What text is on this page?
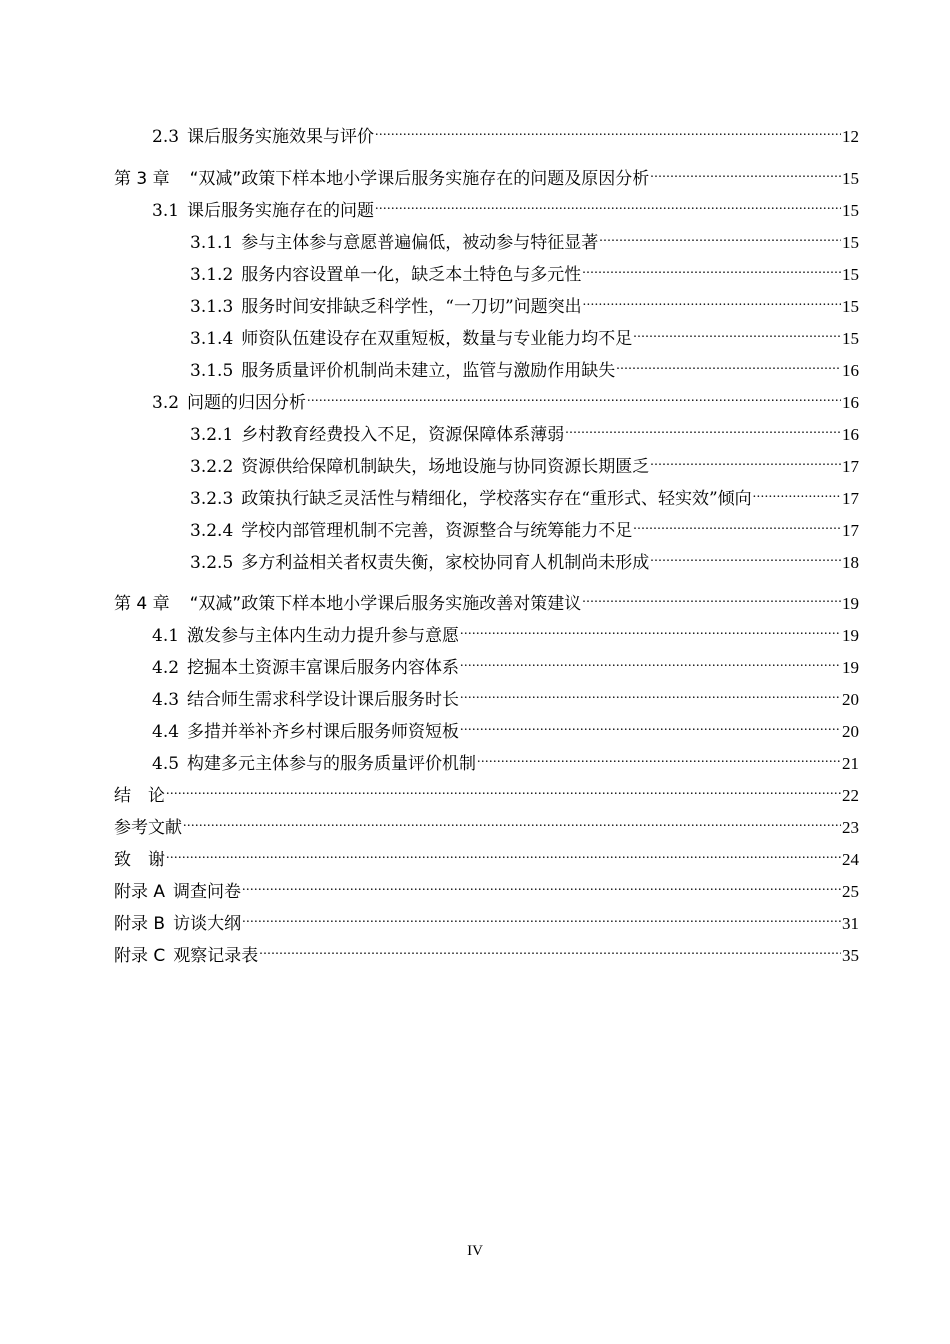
2.3 课后服务实施效果与评价 .....	12
第 3 章 “双减”政策下样本地小学课后服务实施存在的问题及原因分析 .....	15
3.1 课后服务实施存在的问题 .....	15
3.1.1 参与主体参与意愿普遍偏低，被动参与特征显著 .....	15
3.1.2 服务内容设置单一化，缺乏本土特色与多元性 .....	15
3.1.3 服务时间安排缺乏科学性，“一刀切”问题突出 .....	15
3.1.4 师资队伍建设存在双重短板，数量与专业能力均不足 .....	15
3.1.5 服务质量评价机制尚未建立，监管与激励作用缺失 .....	16
3.2 问题的归因分析 .....	16
3.2.1 乡村教育经费投入不足，资源保障体系薄弱 .....	16
3.2.2 资源供给保障机制缺失，场地设施与协同资源长期匮乏 .....	17
3.2.3 政策执行缺乏灵活性与精细化，学校落实存在“重形式、轻实效”倾向 .....	17
3.2.4 学校内部管理机制不完善，资源整合与统筹能力不足 .....	17
3.2.5 多方利益相关者权责失衡，家校协同育人机制尚未形成 .....	18
第 4 章 “双减”政策下样本地小学课后服务实施改善对策建议 .....	19
4.1 激发参与主体内生动力提升参与意愿 .....	19
4.2 挖掘本土资源丰富课后服务内容体系 .....	19
4.3 结合师生需求科学设计课后服务时长 .....	20
4.4 多措并举补齐乡村课后服务师资短板 .....	20
4.5 构建多元主体参与的服务质量评价机制 .....	21
结　论 .....	22
参考文献 .....	23
致　谢 .....	24
附录 A 调查问卷 .....	25
附录 B 访谈大纲 .....	31
附录 C 观察记录表 .....	35
IV
